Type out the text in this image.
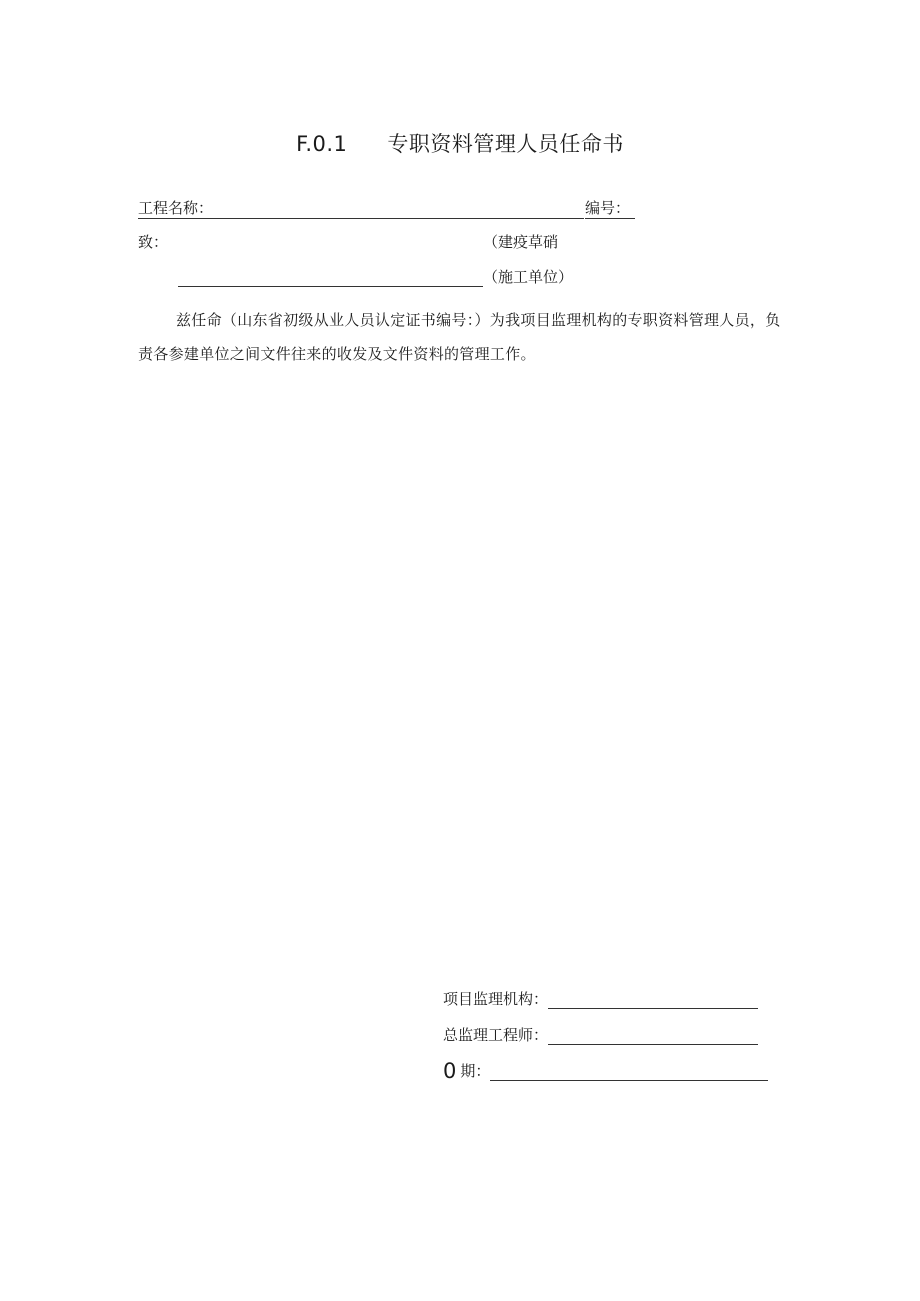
F.0.1 专职资料管理人员任命书
工程名称：	编号：
致：	（建疫草硝
（施工单位）
兹任命（山东省初级从业人员认定证书编号：）为我项目监理机构的专职资料管理人员，负责各参建单位之间文件往来的收发及文件资料的管理工作。
项目监理机构：
总监理工程师：
0 期：
